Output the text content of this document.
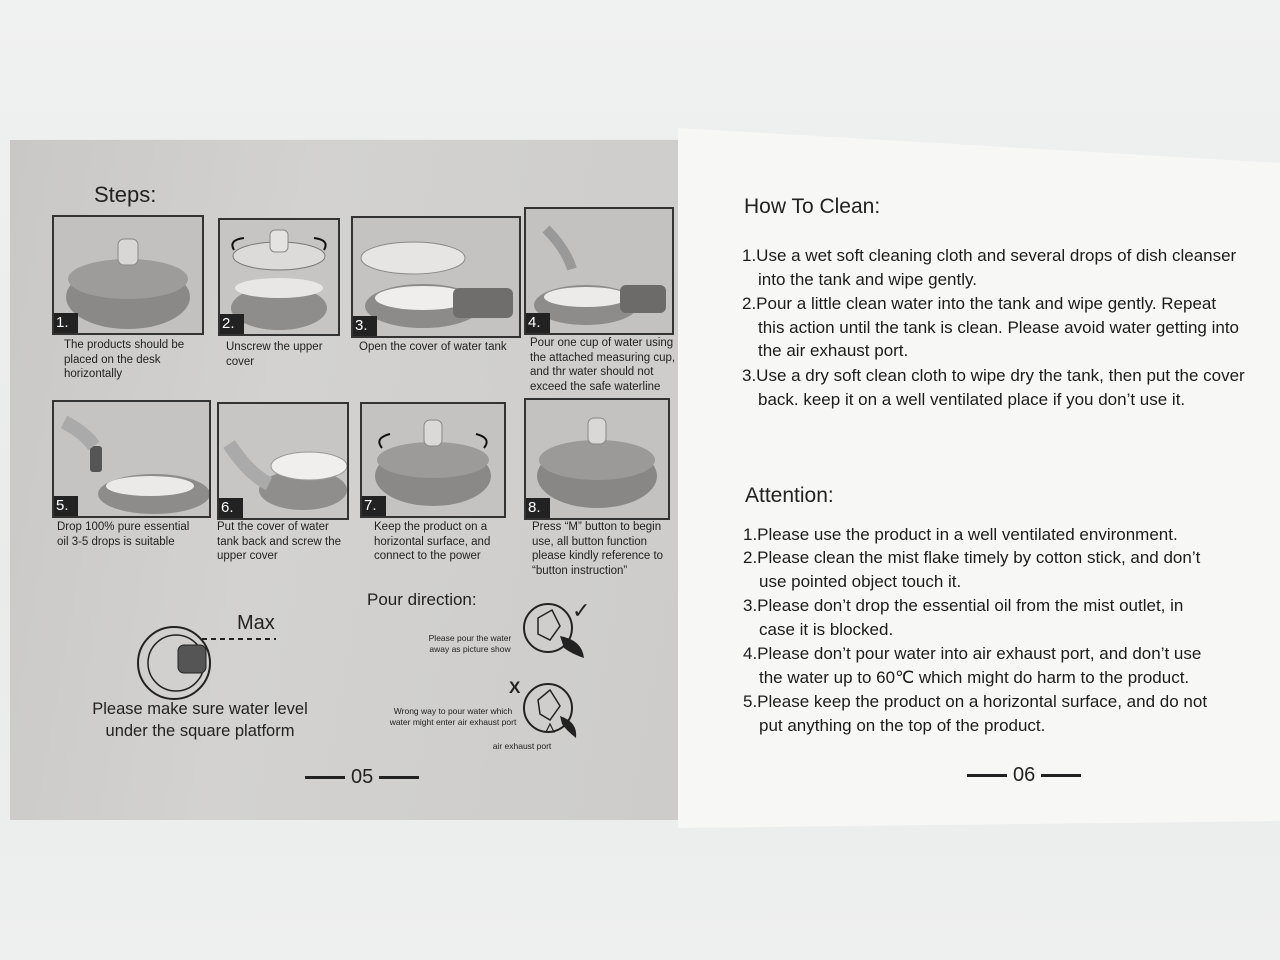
Steps:
1.	2.	3.	4.
The products should be
placed on the desk
horizontally
Unscrew the upper
cover
Open the cover of water tank	Pour one cup of water using
the attached measuring cup,
and thr water should not
exceed the safe waterline
5.	6.	7.	8.
Drop 100% pure essential
oil 3-5 drops is suitable
Put the cover of water
tank back and screw the
upper cover
Keep the product on a
horizontal surface, and
connect to the power
Press “M” button to begin
use, all button function
please kindly reference to
“button instruction”
Max
Please make sure water level
under the square platform
Pour direction:
Please pour the water
away as picture show
Wrong way to pour water which
water might enter air exhaust port
✓
X
air exhaust port
05
How To Clean:
1.Use a wet soft cleaning cloth and several drops of dish cleanser
into the tank and wipe gently.
2.Pour a little clean water into the tank and wipe gently. Repeat
this action until the tank is clean. Please avoid water getting into
the air exhaust port.
3.Use a dry soft clean cloth to wipe dry the tank, then put the cover
back. keep it on a well ventilated place if you don’t use it.
Attention:
1.Please use the product in a well ventilated environment.
2.Please clean the mist flake timely by cotton stick, and don’t
use pointed object touch it.
3.Please don’t drop the essential oil from the mist outlet, in
case it is blocked.
4.Please don’t pour water into air exhaust port, and don’t use
the water up to 60℃ which might do harm to the product.
5.Please keep the product on a horizontal surface, and do not
put anything on the top of the product.
06
